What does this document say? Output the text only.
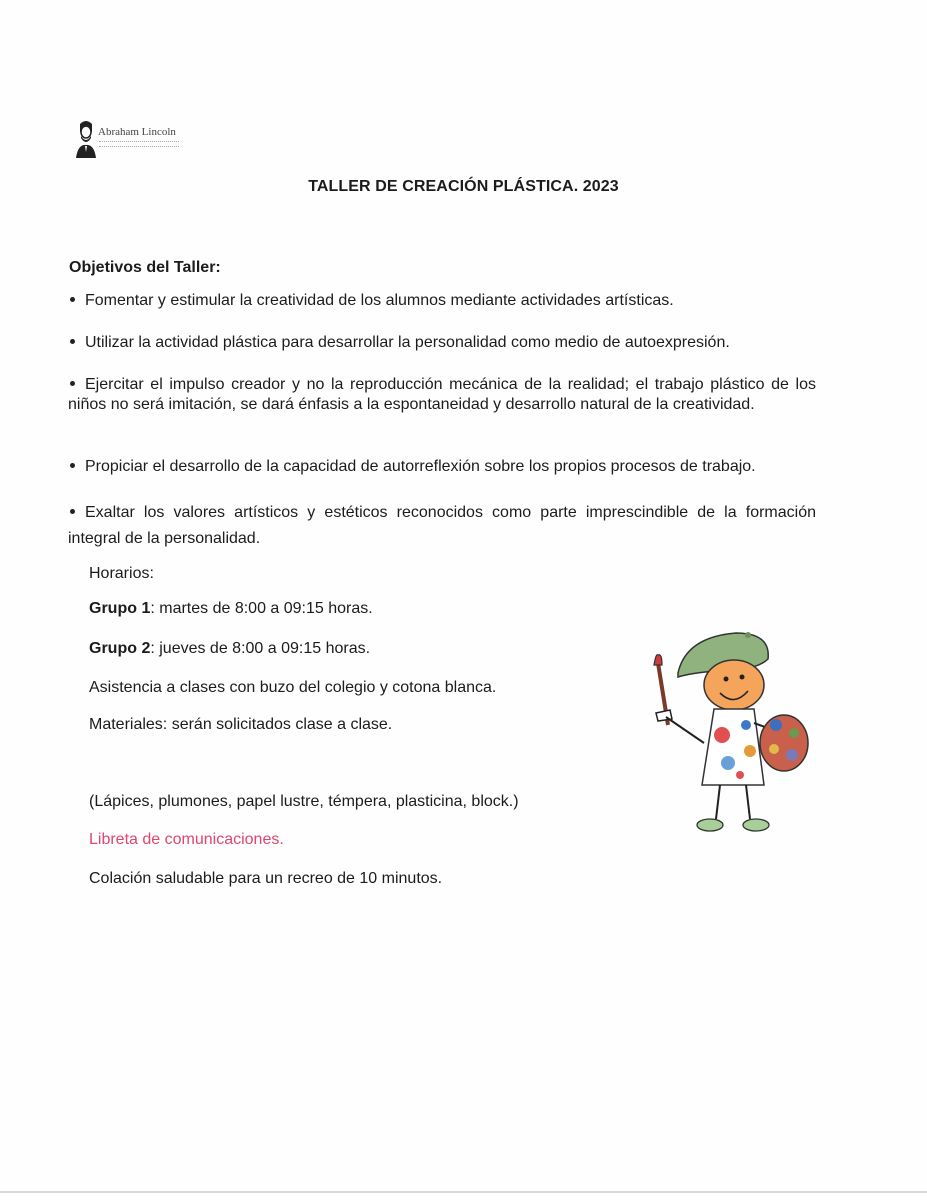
Abraham Lincoln
TALLER DE CREACIÓN PLÁSTICA. 2023
Objetivos del Taller:
Fomentar y estimular la creatividad de los alumnos mediante actividades artísticas.
Utilizar la actividad plástica para desarrollar la personalidad como medio de autoexpresión.
Ejercitar el impulso creador y no la reproducción mecánica de la realidad; el trabajo plástico de los niños no será imitación, se dará énfasis a la espontaneidad y desarrollo natural de la creatividad.
Propiciar el desarrollo de la capacidad de autorreflexión sobre los propios procesos de trabajo.
Exaltar los valores artísticos y estéticos reconocidos como parte imprescindible de la formación integral de la personalidad.
Horarios:
Grupo 1: martes de 8:00 a 09:15 horas.
Grupo 2: jueves de 8:00 a 09:15 horas.
Asistencia a clases con buzo del colegio y cotona blanca.
Materiales: serán solicitados clase a clase.
(Lápices, plumones, papel lustre, témpera, plasticina, block.)
Libreta de comunicaciones.
Colación saludable para un recreo de 10 minutos.
